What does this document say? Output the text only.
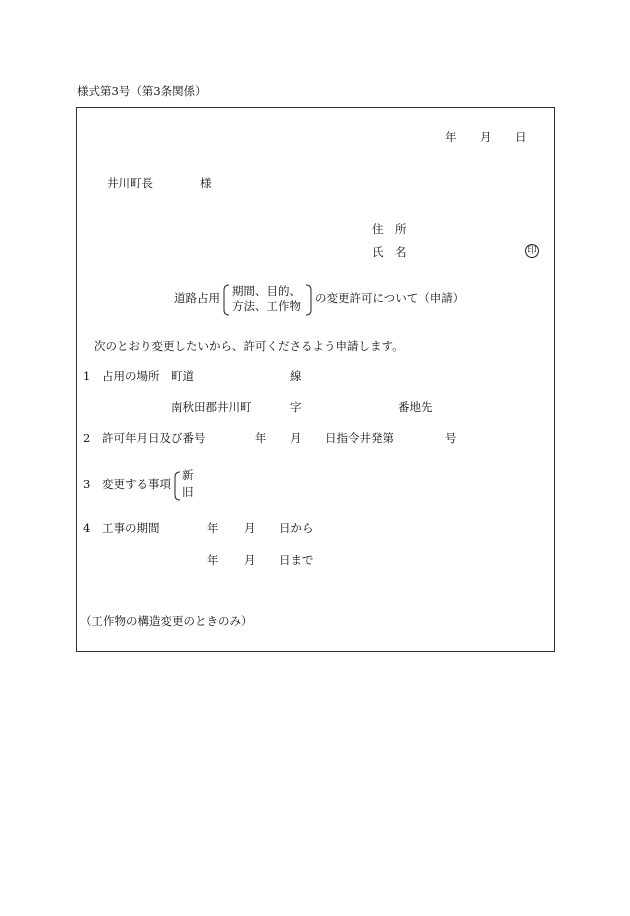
様式第3号（第3条関係）
年 月 日
井川町長	様
住　所
氏　名	印
道路占用 期間、目的、
方法、工作物
の変更許可について（申請）
次のとおり変更したいから、許可くださるよう申請します。
1 占用の場所 町道	線
南秋田郡井川町	字	番地先
2 許可年月日及び番号	年 月 日指令井発第	号
3 変更する事項
新
旧
4 工事の期間	年 月 日から
年 月 日まで
（工作物の構造変更のときのみ）
